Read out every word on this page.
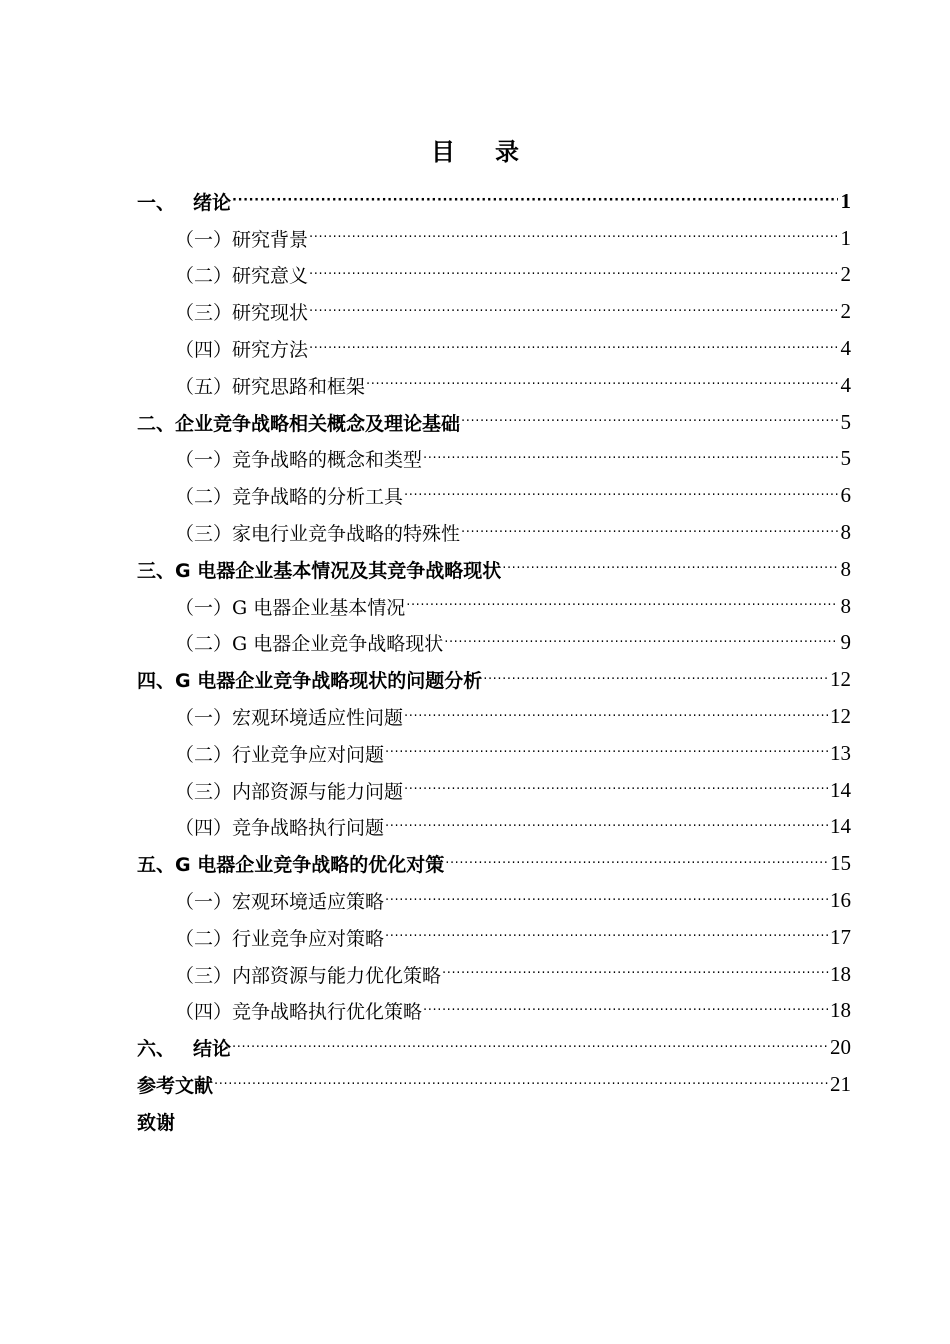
目 录
一、 绪论 ·····	1
（一）研究背景 ·····	1
（二）研究意义 ·····	2
（三）研究现状 ·····	2
（四）研究方法 ·····	4
（五）研究思路和框架 ·····	4
二、企业竞争战略相关概念及理论基础 ·····	5
（一）竞争战略的概念和类型 ·····	5
（二）竞争战略的分析工具 ·····	6
（三）家电行业竞争战略的特殊性 ·····	8
三、G 电器企业基本情况及其竞争战略现状 ·····	8
（一）G 电器企业基本情况 ·····	8
（二）G 电器企业竞争战略现状 ·····	9
四、G 电器企业竞争战略现状的问题分析 ·····	12
（一）宏观环境适应性问题 ·····	12
（二）行业竞争应对问题 ·····	13
（三）内部资源与能力问题 ·····	14
（四）竞争战略执行问题 ·····	14
五、G 电器企业竞争战略的优化对策 ·····	15
（一）宏观环境适应策略 ·····	16
（二）行业竞争应对策略 ·····	17
（三）内部资源与能力优化策略 ·····	18
（四）竞争战略执行优化策略 ·····	18
六、 结论 ·····	20
参考文献 ·····	21
致谢
